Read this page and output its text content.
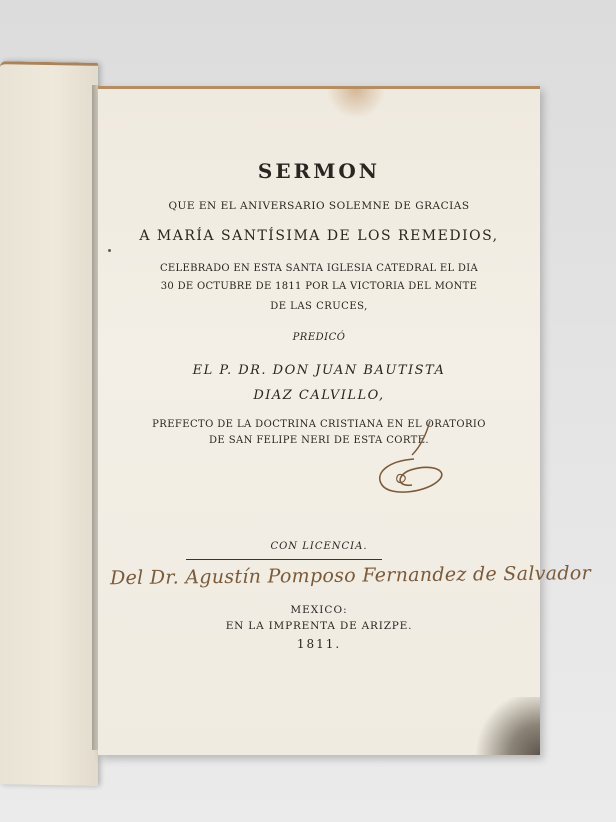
SERMON
QUE EN EL ANIVERSARIO SOLEMNE DE GRACIAS
A MARÍA SANTÍSIMA DE LOS REMEDIOS,
CELEBRADO EN ESTA SANTA IGLESIA CATEDRAL EL DIA
30 DE OCTUBRE DE 1811 POR LA VICTORIA DEL MONTE
DE LAS CRUCES,
PREDICÓ
EL P. DR. DON JUAN BAUTISTA
DIAZ CALVILLO,
PREFECTO DE LA DOCTRINA CRISTIANA EN EL ORATORIO
DE SAN FELIPE NERI DE ESTA CORTE.
CON LICENCIA.
Del Dr. Agustín Pomposo Fernandez de Salvador
MEXICO:
EN LA IMPRENTA DE ARIZPE.
1811.
